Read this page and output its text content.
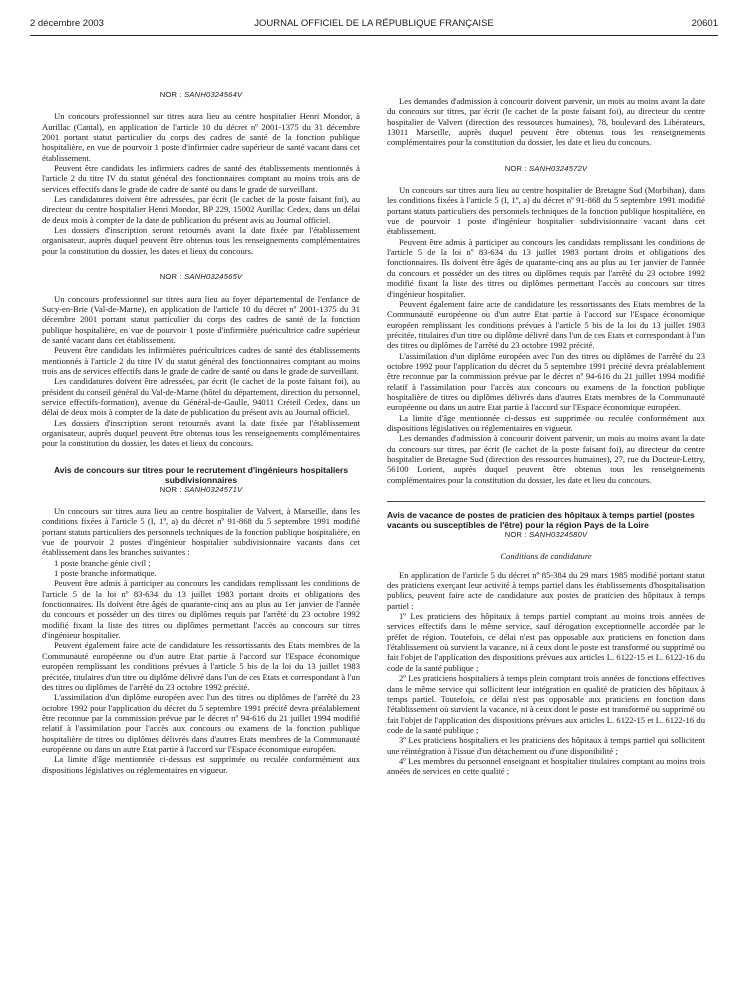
2 décembre 2003	JOURNAL OFFICIEL DE LA RÉPUBLIQUE FRANÇAISE	20601
NOR : SANH0324564V

Un concours professionnel sur titres aura lieu au centre hospitalier Henri Mondor, à Aurillac (Cantal), en application de l'article 10 du décret nº 2001-1375 du 31 décembre 2001 portant statut particulier du corps des cadres de santé de la fonction publique hospitalière, en vue de pourvoir 1 poste d'infirmier cadre supérieur de santé vacant dans cet établissement.

Peuvent être candidats les infirmiers cadres de santé des établissements mentionnés à l'article 2 du titre IV du statut général des fonctionnaires comptant au moins trois ans de services effectifs dans le grade de cadre de santé ou dans le grade de surveillant.

Les candidatures doivent être adressées, par écrit (le cachet de la poste faisant foi), au directeur du centre hospitalier Henri Mondor, BP 229, 15002 Aurillac Cedex, dans un délai de deux mois à compter de la date de publication du présent avis au Journal officiel.

Les dossiers d'inscription seront retournés avant la date fixée par l'établissement organisateur, auprès duquel peuvent être obtenus tous les renseignements complémentaires pour la constitution du dossier, les dates et lieux du concours.

NOR : SANH0324565V

Un concours professionnel sur titres aura lieu au foyer départemental de l'enfance de Sucy-en-Brie (Val-de-Marne), en application de l'article 10 du décret nº 2001-1375 du 31 décembre 2001 portant statut particulier du corps des cadres de santé de la fonction publique hospitalière, en vue de pourvoir 1 poste d'infirmière puéricultrice cadre supérieur de santé vacant dans cet établissement.

Peuvent être candidats les infirmières puéricultrices cadres de santé des établissements mentionnés à l'article 2 du titre IV du statut général des fonctionnaires comptant au moins trois ans de services effectifs dans le grade de cadre de santé ou dans le grade de surveillant.

Les candidatures doivent être adressées, par écrit (le cachet de la poste faisant foi), au président du conseil général du Val-de-Marne (hôtel du département, direction du personnel, service effectifs-formation), avenue du Général-de-Gaulle, 94011 Créteil Cedex, dans un délai de deux mois à compter de la date de publication du présent avis au Journal officiel.

Les dossiers d'inscription seront retournés avant la date fixée par l'établissement organisateur, auprès duquel peuvent être obtenus tous les renseignements complémentaires pour la constitution du dossier, les dates et lieux du concours.

Avis de concours sur titres pour le recrutement d'ingénieurs hospitaliers subdivisionnaires
NOR : SANH0324571V

Un concours sur titres aura lieu au centre hospitalier de Valvert, à Marseille, dans les conditions fixées à l'article 5 (I, 1º, a) du décret nº 91-868 du 5 septembre 1991 modifié portant statuts particuliers des personnels techniques de la fonction publique hospitalière, en vue de pourvoir 2 postes d'ingénieur hospitalier subdivisionnaire vacants dans cet établissement dans les branches suivantes :

1 poste branche génie civil ;

1 poste branche informatique.

Peuvent être admis à participer au concours les candidats remplissant les conditions de l'article 5 de la loi nº 83-634 du 13 juillet 1983 portant droits et obligations des fonctionnaires. Ils doivent être âgés de quarante-cinq ans au plus au 1er janvier de l'année du concours et posséder un des titres ou diplômes requis par l'arrêté du 23 octobre 1992 modifié fixant la liste des titres ou diplômes permettant l'accès au concours sur titres d'ingénieur hospitalier.

Peuvent également faire acte de candidature les ressortissants des Etats membres de la Communauté européenne ou d'un autre Etat partie à l'accord sur l'Espace économique européen remplissant les conditions prévues à l'article 5 bis de la loi du 13 juillet 1983 précitée, titulaires d'un titre ou diplôme délivré dans l'un de ces Etats et correspondant à l'un des titres ou diplômes de l'arrêté du 23 octobre 1992 précité.

L'assimilation d'un diplôme européen avec l'un des titres ou diplômes de l'arrêté du 23 octobre 1992 pour l'application du décret du 5 septembre 1991 précité devra préalablement être reconnue par la commission prévue par le décret nº 94-616 du 21 juillet 1994 modifié relatif à l'assimilation pour l'accès aux concours ou examens de la fonction publique hospitalière de titres ou diplômes délivrés dans d'autres Etats membres de la Communauté européenne ou dans un autre Etat partie à l'accord sur l'Espace économique européen.

La limite d'âge mentionnée ci-dessus est supprimée ou reculée conformément aux dispositions législatives ou réglementaires en vigueur.

Les demandes d'admission à concourir doivent parvenir, un mois au moins avant la date du concours sur titres, par écrit (le cachet de la poste faisant foi), au directeur du centre hospitalier de Valvert (direction des ressources humaines), 78, boulevard des Libérateurs, 13011 Marseille, auprès duquel peuvent être obtenus tous les renseignements complémentaires pour la constitution du dossier, les date et lieu du concours.

NOR : SANH0324572V

Un concours sur titres aura lieu au centre hospitalier de Bretagne Sud (Morbihan), dans les conditions fixées à l'article 5 (I, 1º, a) du décret nº 91-868 du 5 septembre 1991 modifié portant statuts particuliers des personnels techniques de la fonction publique hospitalière, en vue de pourvoir 1 poste d'ingénieur hospitalier subdivisionnaire vacant dans cet établissement.

Peuvent être admis à participer au concours les candidats remplissant les conditions de l'article 5 de la loi nº 83-634 du 13 juillet 1983 portant droits et obligations des fonctionnaires. Ils doivent être âgés de quarante-cinq ans au plus au 1er janvier de l'année du concours et posséder un des titres ou diplômes requis par l'arrêté du 23 octobre 1992 modifié fixant la liste des titres ou diplômes permettant l'accès au concours sur titres d'ingénieur hospitalier.

Peuvent également faire acte de candidature les ressortissants des Etats membres de la Communauté européenne ou d'un autre Etat partie à l'accord sur l'Espace économique européen remplissant les conditions prévues à l'article 5 bis de la loi du 13 juillet 1983 précitée, titulaires d'un titre ou diplôme délivré dans l'un de ces Etats et correspondant à l'un des titres ou diplômes de l'arrêté du 23 octobre 1992 précité.

L'assimilation d'un diplôme européen avec l'un des titres ou diplômes de l'arrêté du 23 octobre 1992 pour l'application du décret du 5 septembre 1991 précité devra préalablement être reconnue par la commission prévue par le décret nº 94-616 du 21 juillet 1994 modifié relatif à l'assimilation pour l'accès aux concours ou examens de la fonction publique hospitalière de titres ou diplômes délivrés dans d'autres Etats membres de la Communauté européenne ou dans un autre Etat partie à l'accord sur l'Espace économique européen.

La limite d'âge mentionnée ci-dessus est supprimée ou reculée conformément aux dispositions législatives ou réglementaires en vigueur.

Les demandes d'admission à concourir doivent parvenir, un mois au moins avant la date du concours sur titres, par écrit (le cachet de la poste faisant foi), au directeur du centre hospitalier de Bretagne Sud (direction des ressources humaines), 27, rue du Docteur-Lettry, 56100 Lorient, auprès duquel peuvent être obtenus tous les renseignements complémentaires pour la constitution du dossier, les date et lieu du concours.

Avis de vacance de postes de praticien des hôpitaux à temps partiel (postes vacants ou susceptibles de l'être) pour la région Pays de la Loire
NOR : SANH0324580V
Conditions de candidature

En application de l'article 5 du décret nº 85-384 du 29 mars 1985 modifié portant statut des praticiens exerçant leur activité à temps partiel dans les établissements d'hospitalisation publics, peuvent faire acte de candidature aux postes de praticien des hôpitaux à temps partiel :

1º Les praticiens des hôpitaux à temps partiel comptant au moins trois années de services effectifs dans le même service, sauf dérogation exceptionnelle accordée par le préfet de région. Toutefois, ce délai n'est pas opposable aux praticiens en fonction dans l'établissement où survient la vacance, ni à ceux dont le poste est transformé ou supprimé ou fait l'objet de l'application des dispositions prévues aux articles L. 6122-15 et L. 6122-16 du code de la santé publique ;

2º Les praticiens hospitaliers à temps plein comptant trois années de fonctions effectives dans le même service qui sollicitent leur intégration en qualité de praticien des hôpitaux à temps partiel. Toutefois, ce délai n'est pas opposable aux praticiens en fonction dans l'établissement où survient la vacance, ni à ceux dont le poste est transformé ou supprimé ou fait l'objet de l'application des dispositions prévues aux articles L. 6122-15 et L. 6122-16 du code de la santé publique ;

3º Les praticiens hospitaliers et les praticiens des hôpitaux à temps partiel qui sollicitent une réintégration à l'issue d'un détachement ou d'une disponibilité ;

4º Les membres du personnel enseignant et hospitalier titulaires comptant au moins trois années de services en cette qualité ;
